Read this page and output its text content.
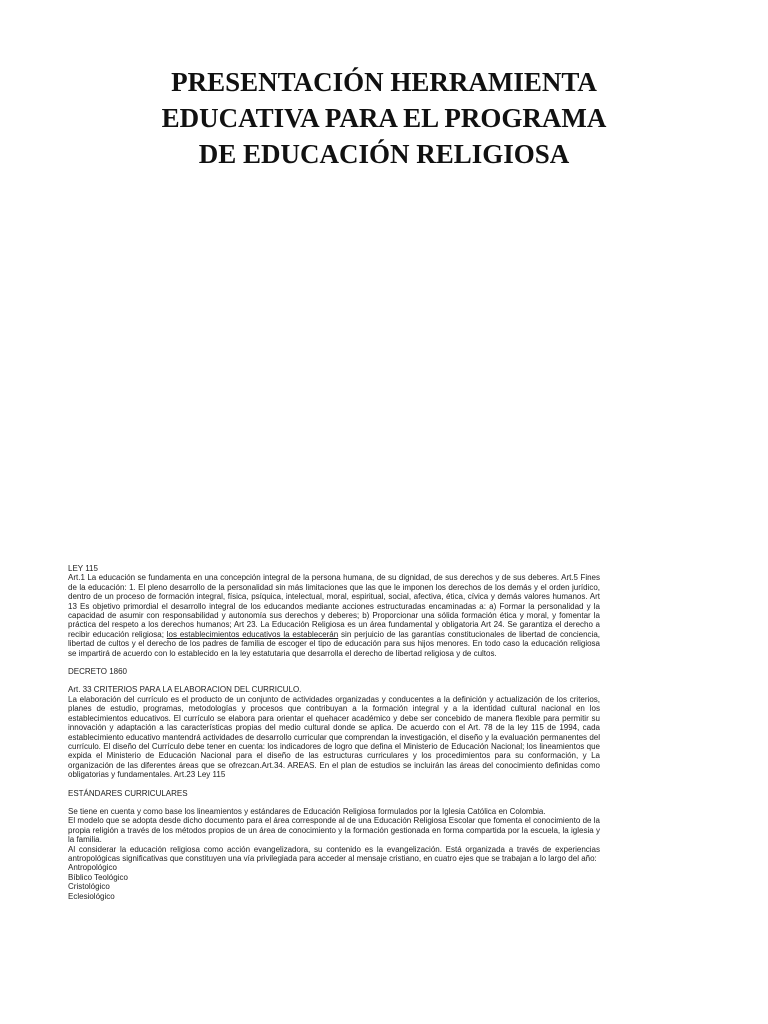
PRESENTACIÓN HERRAMIENTA
EDUCATIVA PARA EL PROGRAMA
DE EDUCACIÓN RELIGIOSA
LEY 115

Art.1 La educación se fundamenta en una concepción integral de la persona humana, de su dignidad, de sus derechos y de sus deberes. Art.5 Fines de la educación: 1. El pleno desarrollo de la personalidad sin más limitaciones que las que le imponen los derechos de los demás y el orden jurídico, dentro de un proceso de formación integral, física, psíquica, intelectual, moral, espiritual, social, afectiva, ética, cívica y demás valores humanos. Art 13 Es objetivo primordial el desarrollo integral de los educandos mediante acciones estructuradas encaminadas a: a) Formar la personalidad y la capacidad de asumir con responsabilidad y autonomía sus derechos y deberes; b) Proporcionar una sólida formación ética y moral, y fomentar la práctica del respeto a los derechos humanos; Art 23. La Educación Religiosa es un área fundamental y obligatoria Art 24. Se garantiza el derecho a recibir educación religiosa; los establecimientos educativos la establecerán sin perjuicio de las garantías constitucionales de libertad de conciencia, libertad de cultos y el derecho de los padres de familia de escoger el tipo de educación para sus hijos menores. En todo caso la educación religiosa se impartirá de acuerdo con lo establecido en la ley estatutaria que desarrolla el derecho de libertad religiosa y de cultos.

DECRETO 1860
Art. 33 CRITERIOS PARA LA ELABORACION DEL CURRICULO.

La elaboración del currículo es el producto de un conjunto de actividades organizadas y conducentes a la definición y actualización de los criterios, planes de estudio, programas, metodologías y procesos que contribuyan a la formación integral y a la identidad cultural nacional en los establecimientos educativos. El currículo se elabora para orientar el quehacer académico y debe ser concebido de manera flexible para permitir su innovación y adaptación a las características propias del medio cultural donde se aplica. De acuerdo con el Art. 78 de la ley 115 de 1994, cada establecimiento educativo mantendrá actividades de desarrollo curricular que comprendan la investigación, el diseño y la evaluación permanentes del currículo. El diseño del Currículo debe tener en cuenta: los indicadores de logro que defina el Ministerio de Educación Nacional; los lineamientos que expida el Ministerio de Educación Nacional para el diseño de las estructuras curriculares y los procedimientos para su conformación, y La organización de las diferentes áreas que se ofrezcan.Art.34. AREAS. En el plan de estudios se incluirán las áreas del conocimiento definidas como obligatorias y fundamentales. Art.23 Ley 115

ESTÁNDARES CURRICULARES

Se tiene en cuenta y como base los lineamientos y estándares de Educación Religiosa formulados por la Iglesia Católica en Colombia.

El modelo que se adopta desde dicho documento para el área corresponde al de una Educación Religiosa Escolar que fomenta el conocimiento de la propia religión a través de los métodos propios de un área de conocimiento y la formación gestionada en forma compartida por la escuela, la iglesia y la familia.

Al considerar la educación religiosa como acción evangelizadora, su contenido es la evangelización. Está organizada a través de experiencias antropológicas significativas que constituyen una vía privilegiada para acceder al mensaje cristiano, en cuatro ejes que se trabajan a lo largo del año:

Antropológico
Bíblico Teológico
Cristológico
Eclesiológico
